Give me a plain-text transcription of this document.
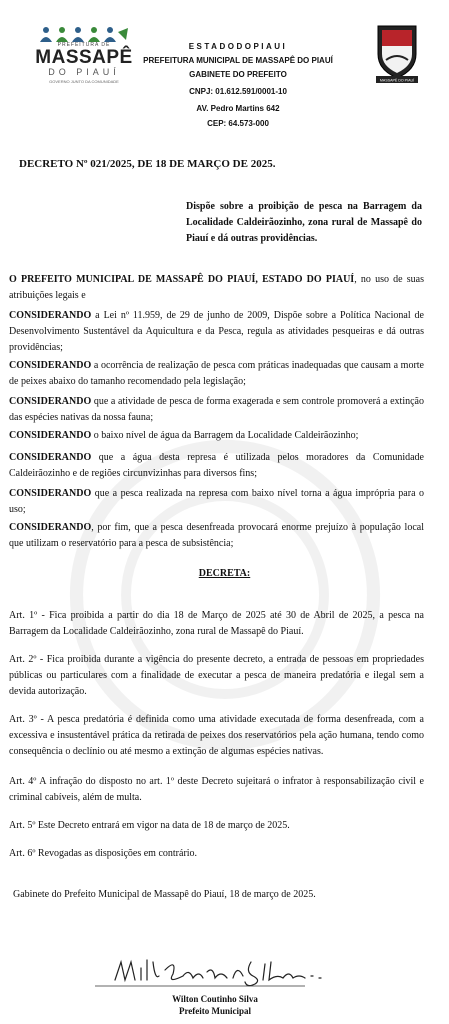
PREFEITURA DE
MASSAPÊ
DO PIAUÍ
GOVERNO JUNTO DA COMUNIDADE
ESTADODOPIAUI
PREFEITURA MUNICIPAL DE MASSAPÊ DO PIAUÍ
GABINETE DO PREFEITO
CNPJ: 01.612.591/0001-10
AV. Pedro Martins 642
CEP: 64.573-000
MASSAPÊ DO PIAUÍ
DECRETO Nº 021/2025, DE 18 DE MARÇO DE 2025.
Dispõe sobre a proibição de pesca na Barragem da Localidade Caldeirãozinho, zona rural de Massapê do Piauí e dá outras providências.
O PREFEITO MUNICIPAL DE MASSAPÊ DO PIAUÍ, ESTADO DO PIAUÍ, no uso de suas atribuições legais e
CONSIDERANDO a Lei nº 11.959, de 29 de junho de 2009, Dispõe sobre a Política Nacional de Desenvolvimento Sustentável da Aquicultura e da Pesca, regula as atividades pesqueiras e dá outras providências;
CONSIDERANDO a ocorrência de realização de pesca com práticas inadequadas que causam a morte de peixes abaixo do tamanho recomendado pela legislação;
CONSIDERANDO que a atividade de pesca de forma exagerada e sem controle promoverá a extinção das espécies nativas da nossa fauna;
CONSIDERANDO o baixo nível de água da Barragem da Localidade Caldeirãozinho;
CONSIDERANDO que a água desta represa é utilizada pelos moradores da Comunidade Caldeirãozinho e de regiões circunvizinhas para diversos fins;
CONSIDERANDO que a pesca realizada na represa com baixo nível torna a água imprópria para o uso;
CONSIDERANDO, por fim, que a pesca desenfreada provocará enorme prejuízo à população local que utilizam o reservatório para a pesca de subsistência;
DECRETA:
Art. 1º - Fica proibida a partir do dia 18 de Março de 2025 até 30 de Abril de 2025, a pesca na Barragem da Localidade Caldeirãozinho, zona rural de Massapê do Piauí.
Art. 2º - Fica proibida durante a vigência do presente decreto, a entrada de pessoas em propriedades públicas ou particulares com a finalidade de executar a pesca de maneira predatória e ilegal sem a devida autorização.
Art. 3º - A pesca predatória é definida como uma atividade executada de forma desenfreada, com a excessiva e insustentável prática da retirada de peixes dos reservatórios pela ação humana, tendo como consequência o declínio ou até mesmo a extinção de algumas espécies nativas.
Art. 4º A infração do disposto no art. 1º deste Decreto sujeitará o infrator à responsabilização civil e criminal cabíveis, além de multa.
Art. 5º Este Decreto entrará em vigor na data de 18 de março de 2025.
Art. 6º Revogadas as disposições em contrário.
Gabinete do Prefeito Municipal de Massapê do Piauí, 18 de março de 2025.
Wilton Coutinho Silva
Prefeito Municipal
